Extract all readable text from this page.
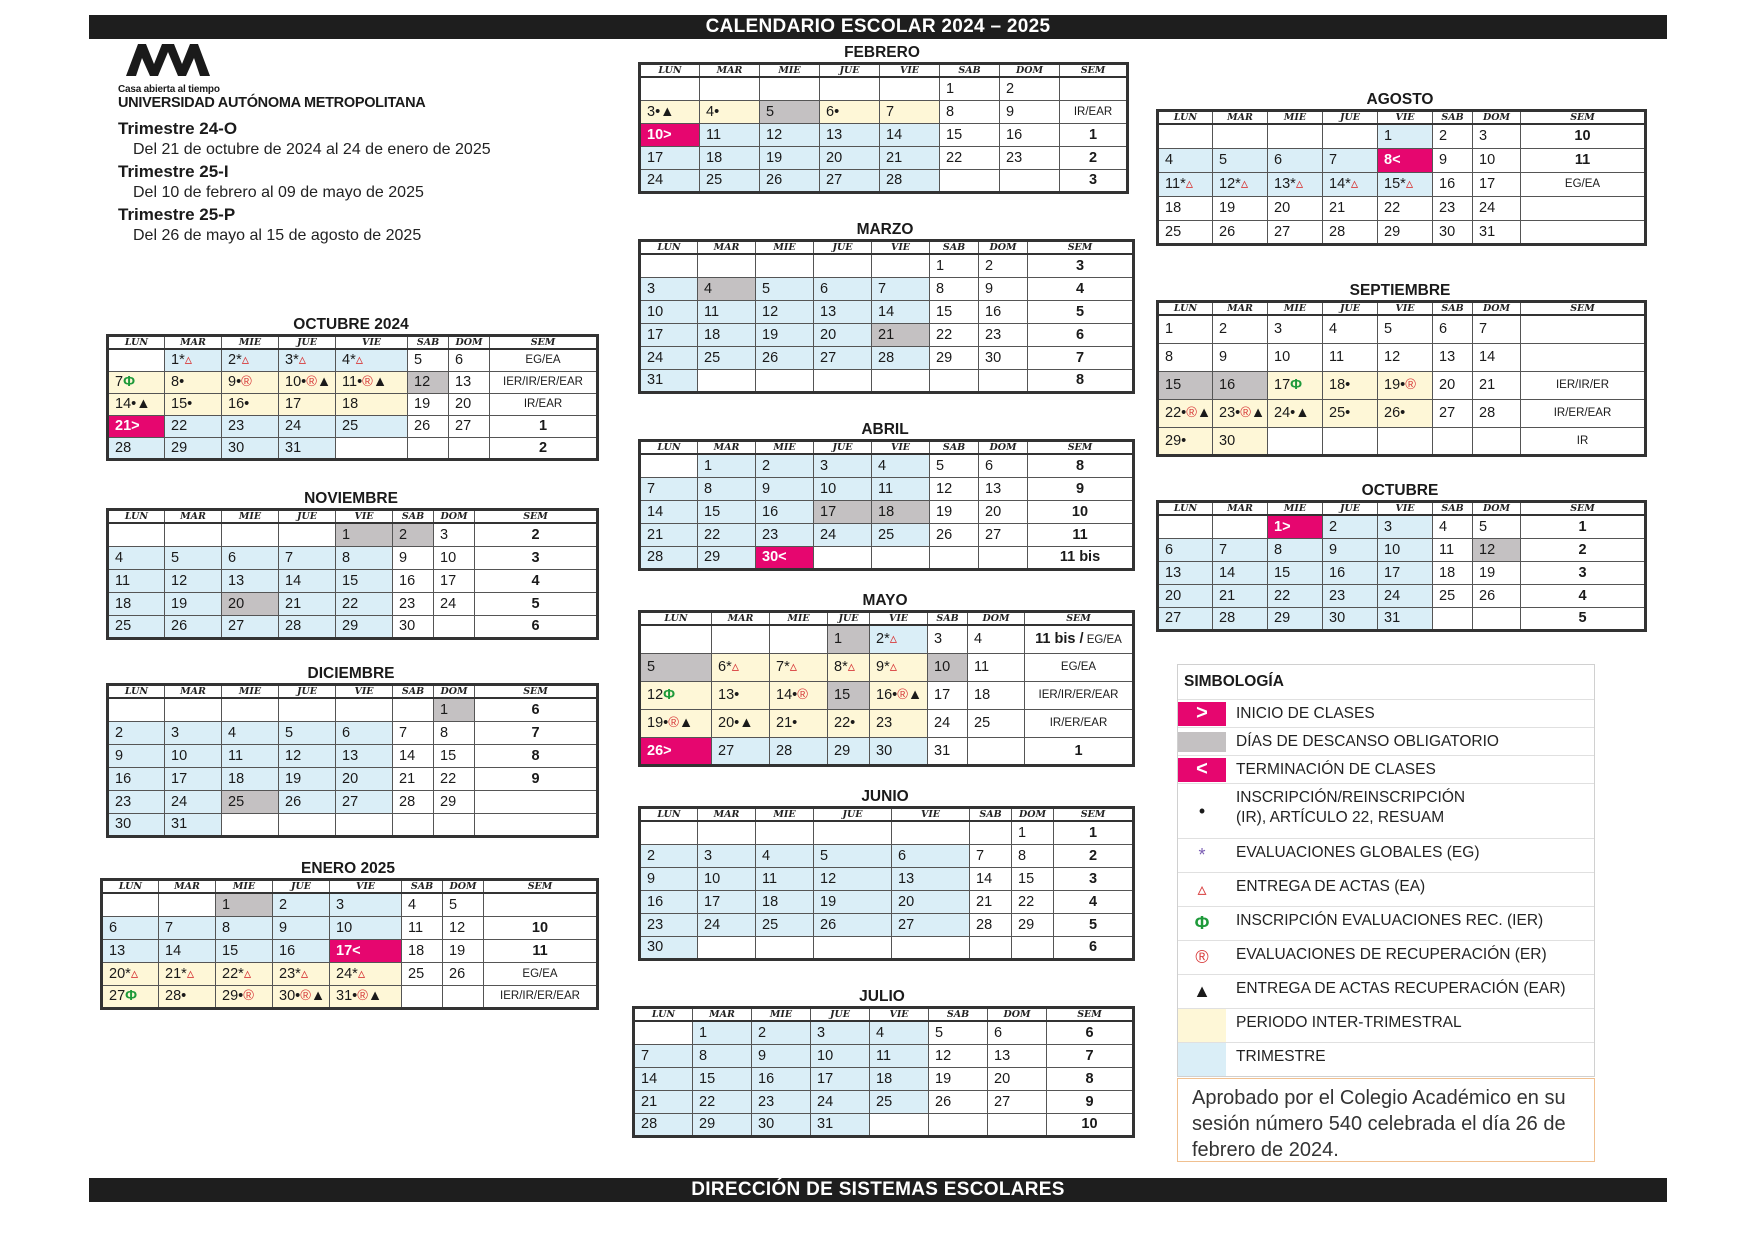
CALENDARIO ESCOLAR 2024 – 2025
Casa abierta al tiempo
UNIVERSIDAD AUTÓNOMA METROPOLITANA
Trimestre 24-O
Del 21 de octubre de 2024 al 24 de enero de 2025
Trimestre 25-I
Del 10 de febrero al 09 de mayo de 2025
Trimestre 25-P
Del 26 de mayo al 15 de agosto de 2025
OCTUBRE 2024
LUN	MAR	MIE	JUE	VIE	SAB	DOM	SEM
	1*▵	2*▵	3*▵	4*▵	5	6	EG/EA
7Φ	8•	9•®	10•®▲	11•®▲	12	13	IER/IR/ER/EAR
14•▲	15•	16•	17	18	19	20	IR/EAR
21>	22	23	24	25	26	27	1
28	29	30	31				2
NOVIEMBRE
LUN	MAR	MIE	JUE	VIE	SAB	DOM	SEM
				1	2	3	2
4	5	6	7	8	9	10	3
11	12	13	14	15	16	17	4
18	19	20	21	22	23	24	5
25	26	27	28	29	30		6
DICIEMBRE
LUN	MAR	MIE	JUE	VIE	SAB	DOM	SEM
						1	6
2	3	4	5	6	7	8	7
9	10	11	12	13	14	15	8
16	17	18	19	20	21	22	9
23	24	25	26	27	28	29	
30	31						
ENERO 2025
LUN	MAR	MIE	JUE	VIE	SAB	DOM	SEM
		1	2	3	4	5	
6	7	8	9	10	11	12	10
13	14	15	16	17<	18	19	11
20*▵	21*▵	22*▵	23*▵	24*▵	25	26	EG/EA
27Φ	28•	29•®	30•®▲	31•®▲			IER/IR/ER/EAR
FEBRERO
LUN	MAR	MIE	JUE	VIE	SAB	DOM	SEM
					1	2	
3•▲	4•	5	6•	7	8	9	IR/EAR
10>	11	12	13	14	15	16	1
17	18	19	20	21	22	23	2
24	25	26	27	28			3
MARZO
LUN	MAR	MIE	JUE	VIE	SAB	DOM	SEM
					1	2	3
3	4	5	6	7	8	9	4
10	11	12	13	14	15	16	5
17	18	19	20	21	22	23	6
24	25	26	27	28	29	30	7
31							8
ABRIL
LUN	MAR	MIE	JUE	VIE	SAB	DOM	SEM
	1	2	3	4	5	6	8
7	8	9	10	11	12	13	9
14	15	16	17	18	19	20	10
21	22	23	24	25	26	27	11
28	29	30<					11 bis
MAYO
LUN	MAR	MIE	JUE	VIE	SAB	DOM	SEM
			1	2*▵	3	4	11 bis / EG/EA
5	6*▵	7*▵	8*▵	9*▵	10	11	EG/EA
12Φ	13•	14•®	15	16•®▲	17	18	IER/IR/ER/EAR
19•®▲	20•▲	21•	22•	23	24	25	IR/ER/EAR
26>	27	28	29	30	31		1
JUNIO
LUN	MAR	MIE	JUE	VIE	SAB	DOM	SEM
						1	1
2	3	4	5	6	7	8	2
9	10	11	12	13	14	15	3
16	17	18	19	20	21	22	4
23	24	25	26	27	28	29	5
30							6
JULIO
LUN	MAR	MIE	JUE	VIE	SAB	DOM	SEM
	1	2	3	4	5	6	6
7	8	9	10	11	12	13	7
14	15	16	17	18	19	20	8
21	22	23	24	25	26	27	9
28	29	30	31				10
AGOSTO
LUN	MAR	MIE	JUE	VIE	SAB	DOM	SEM
				1	2	3	10
4	5	6	7	8<	9	10	11
11*▵	12*▵	13*▵	14*▵	15*▵	16	17	EG/EA
18	19	20	21	22	23	24	
25	26	27	28	29	30	31	
SEPTIEMBRE
LUN	MAR	MIE	JUE	VIE	SAB	DOM	SEM
1	2	3	4	5	6	7	
8	9	10	11	12	13	14	
15	16	17Φ	18•	19•®	20	21	IER/IR/ER
22•®▲	23•®▲	24•▲	25•	26•	27	28	IR/ER/EAR
29•	30						IR
OCTUBRE
LUN	MAR	MIE	JUE	VIE	SAB	DOM	SEM
		1>	2	3	4	5	1
6	7	8	9	10	11	12	2
13	14	15	16	17	18	19	3
20	21	22	23	24	25	26	4
27	28	29	30	31			5
SIMBOLOGÍA
>	INICIO DE CLASES
DÍAS DE DESCANSO OBLIGATORIO
<	TERMINACIÓN DE CLASES
•
INSCRIPCIÓN/REINSCRIPCIÓN (IR), ARTÍCULO 22, RESUAM
*	EVALUACIONES GLOBALES (EG)
▵	ENTREGA DE ACTAS (EA)
Φ	INSCRIPCIÓN EVALUACIONES REC. (IER)
®	EVALUACIONES DE RECUPERACIÓN (ER)
▲	ENTREGA DE ACTAS RECUPERACIÓN (EAR)
PERIODO INTER-TRIMESTRAL
TRIMESTRE
Aprobado por el Colegio Académico en su sesión número 540 celebrada el día 26 de febrero de 2024.
DIRECCIÓN DE SISTEMAS ESCOLARES
